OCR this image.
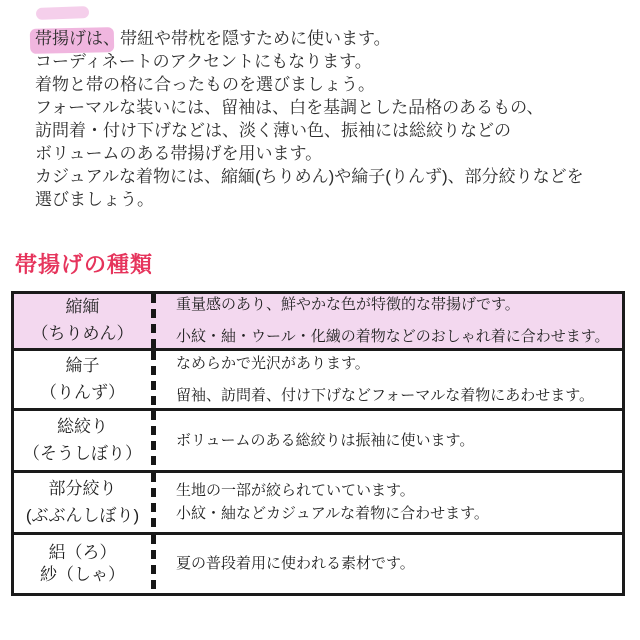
帯揚げは、帯紐や帯枕を隠すために使います。
コーディネートのアクセントにもなります。
着物と帯の格に合ったものを選びましょう。
フォーマルな装いには、留袖は、白を基調とした品格のあるもの、
訪問着・付け下げなどは、淡く薄い色、振袖には総絞りなどの
ボリュームのある帯揚げを用います。
カジュアルな着物には、縮緬(ちりめん)や綸子(りんず)、部分絞りなどを
選びましょう。
帯揚げの種類
縮緬
（ちりめん）
重量感のあり、鮮やかな色が特徴的な帯揚げです。
小紋・紬・ウール・化繊の着物などのおしゃれ着に合わせます。
綸子
（りんず）
なめらかで光沢があります。
留袖、訪問着、付け下げなどフォーマルな着物にあわせます。
総絞り
（そうしぼり）
ボリュームのある総絞りは振袖に使います。
部分絞り
(ぶぶんしぼり)
生地の一部が絞られていています。
小紋・紬などカジュアルな着物に合わせます。
絽（ろ）
紗（しゃ）
夏の普段着用に使われる素材です。
